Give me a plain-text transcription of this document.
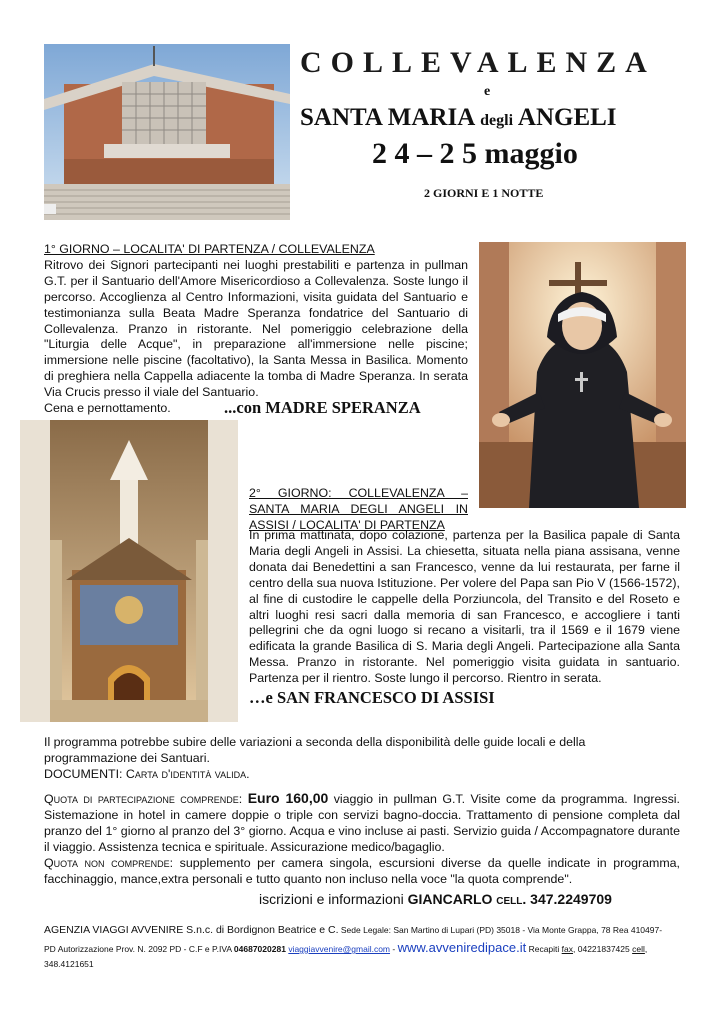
COLLEVALENZA
e
SANTA MARIA degli ANGELI
2 4 – 2 5 maggio
2 GIORNI E 1 NOTTE
1° GIORNO – LOCALITA' DI PARTENZA / COLLEVALENZA
Ritrovo dei Signori partecipanti nei luoghi prestabiliti e partenza in pullman G.T. per il Santuario dell'Amore Misericordioso a Collevalenza. Soste lungo il percorso. Accoglienza al Centro Informazioni, visita guidata del Santuario e testimonianza sulla Beata Madre Speranza fondatrice del Santuario di Collevalenza. Pranzo in ristorante. Nel pomeriggio celebrazione della "Liturgia delle Acque", in preparazione all'immersione nelle piscine; immersione nelle piscine (facoltativo), la Santa Messa in Basilica. Momento di preghiera nella Cappella adiacente la tomba di Madre Speranza. In serata Via Crucis presso il viale del Santuario.
Cena e pernottamento.	...con MADRE SPERANZA
2° GIORNO: COLLEVALENZA – SANTA MARIA DEGLI ANGELI IN ASSISI / LOCALITA' DI PARTENZA
In prima mattinata, dopo colazione, partenza per la Basilica papale di Santa Maria degli Angeli in Assisi. La chiesetta, situata nella piana assisana, venne donata dai Benedettini a san Francesco, venne da lui restaurata, per farne il centro della sua nuova Istituzione. Per volere del Papa san Pio V (1566-1572), al fine di custodire le cappelle della Porziuncola, del Transito e del Roseto e altri luoghi resi sacri dalla memoria di san Francesco, e accogliere i tanti pellegrini che da ogni luogo si recano a visitarli, tra il 1569 e il 1679 viene edificata la grande Basilica di S. Maria degli Angeli. Partecipazione alla Santa Messa. Pranzo in ristorante. Nel pomeriggio visita guidata in santuario. Partenza per il rientro. Soste lungo il percorso. Rientro in serata.
…e SAN FRANCESCO DI ASSISI
Il programma potrebbe subire delle variazioni a seconda della disponibilità delle guide locali e della programmazione dei Santuari.
DOCUMENTI: Carta d'identità valida.
Quota di partecipazione comprende: Euro 160,00 viaggio in pullman G.T. Visite come da programma. Ingressi. Sistemazione in hotel in camere doppie o triple con servizi bagno-doccia. Trattamento di pensione completa dal pranzo del 1° giorno al pranzo del 3° giorno. Acqua e vino incluse ai pasti. Servizio guida / Accompagnatore durante il viaggio. Assistenza tecnica e spirituale. Assicurazione medico/bagaglio.
Quota non comprende: supplemento per camera singola, escursioni diverse da quelle indicate in programma, facchinaggio, mance,extra personali e tutto quanto non incluso nella voce "la quota comprende".
iscrizioni e informazioni GIANCARLO cell. 347.2249709
AGENZIA VIAGGI AVVENIRE S.n.c. di Bordignon Beatrice e C. Sede Legale: San Martino di Lupari (PD) 35018 - Via Monte Grappa, 78 Rea 410497-
PD Autorizzazione Prov. N. 2092 PD - C.F e P.IVA 04687020281 viaggiavvenire@gmail.com - www.avveniredipace.it Recapiti fax, 04221837425 cell,
348.4121651
